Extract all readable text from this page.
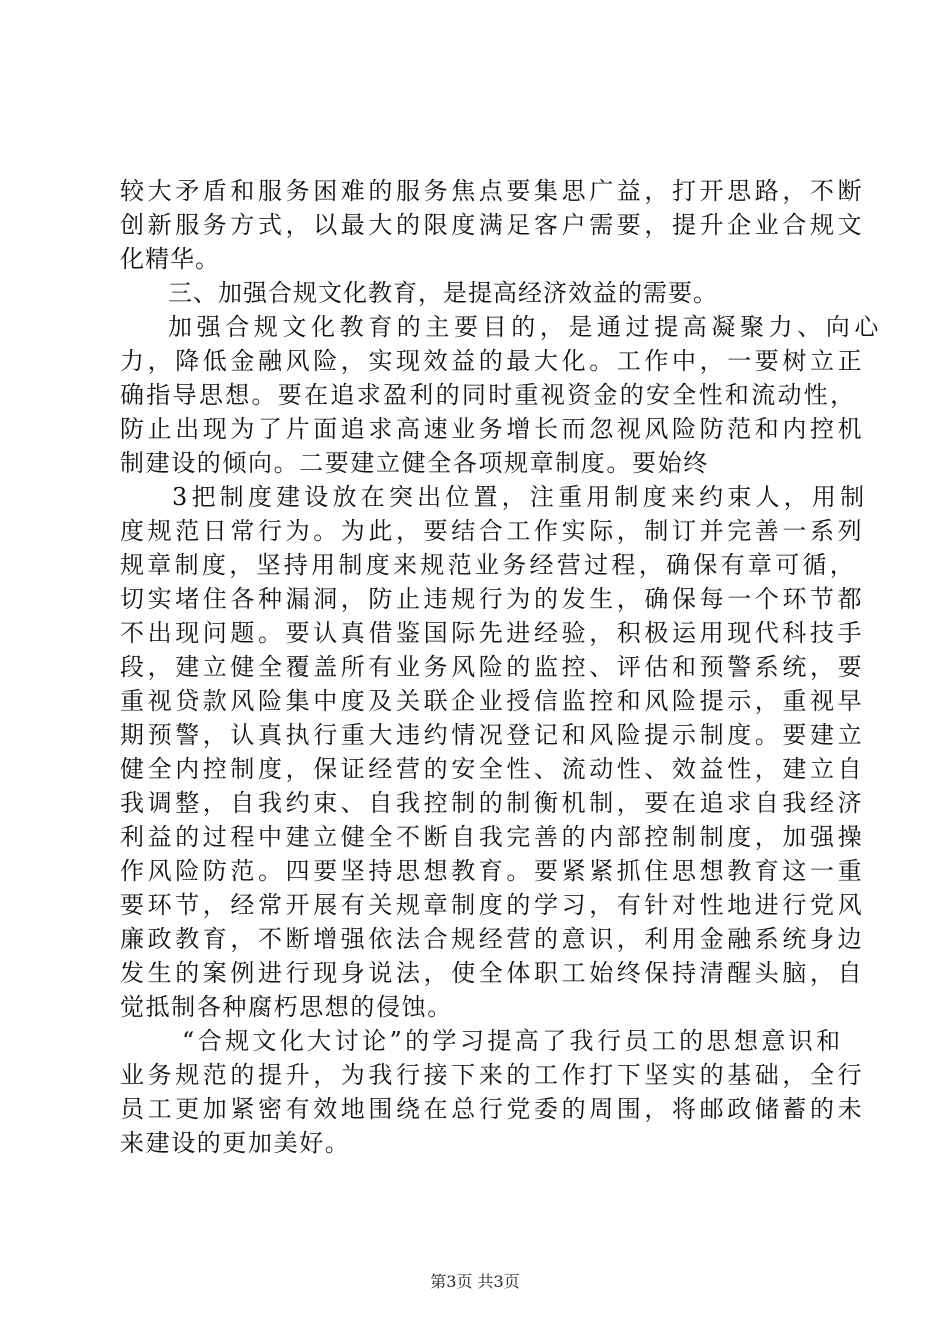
较大矛盾和服务困难的服务焦点要集思广益，打开思路，不断
创新服务方式，以最大的限度满足客户需要，提升企业合规文
化精华。
三、加强合规文化教育，是提高经济效益的需要。
加强合规文化教育的主要目的，是通过提高凝聚力、向心
力，降低金融风险，实现效益的最大化。工作中，一要树立正
确指导思想。要在追求盈利的同时重视资金的安全性和流动性，
防止出现为了片面追求高速业务增长而忽视风险防范和内控机
制建设的倾向。二要建立健全各项规章制度。要始终
3把制度建设放在突出位置，注重用制度来约束人，用制
度规范日常行为。为此，要结合工作实际，制订并完善一系列
规章制度，坚持用制度来规范业务经营过程，确保有章可循，
切实堵住各种漏洞，防止违规行为的发生，确保每一个环节都
不出现问题。要认真借鉴国际先进经验，积极运用现代科技手
段，建立健全覆盖所有业务风险的监控、评估和预警系统，要
重视贷款风险集中度及关联企业授信监控和风险提示，重视早
期预警，认真执行重大违约情况登记和风险提示制度。要建立
健全内控制度，保证经营的安全性、流动性、效益性，建立自
我调整，自我约束、自我控制的制衡机制，要在追求自我经济
利益的过程中建立健全不断自我完善的内部控制制度，加强操
作风险防范。四要坚持思想教育。要紧紧抓住思想教育这一重
要环节，经常开展有关规章制度的学习，有针对性地进行党风
廉政教育，不断增强依法合规经营的意识，利用金融系统身边
发生的案例进行现身说法，使全体职工始终保持清醒头脑，自
觉抵制各种腐朽思想的侵蚀。
“合规文化大讨论”的学习提高了我行员工的思想意识和
业务规范的提升，为我行接下来的工作打下坚实的基础，全行
员工更加紧密有效地围绕在总行党委的周围，将邮政储蓄的未
来建设的更加美好。
第3页 共3页
